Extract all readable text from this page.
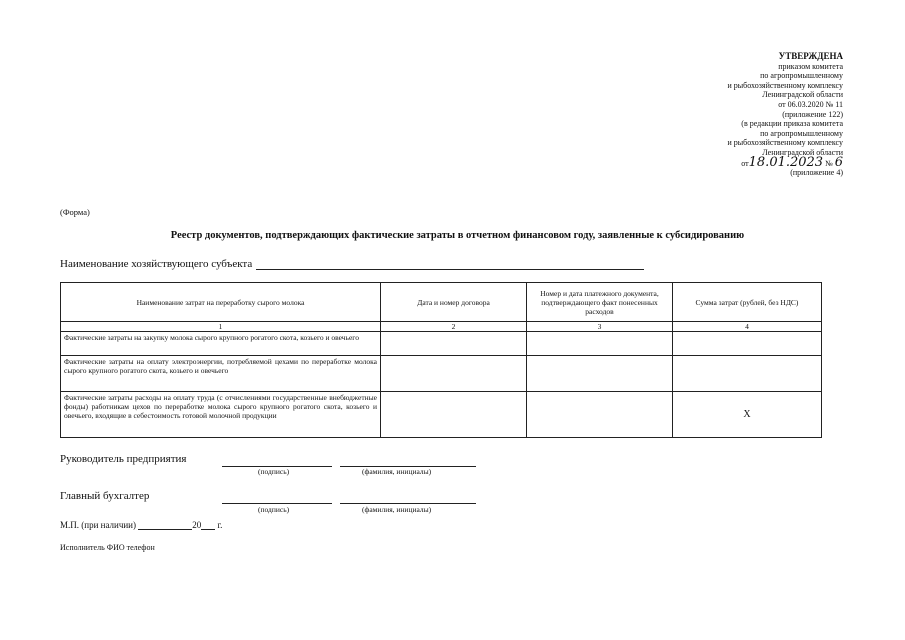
УТВЕРЖДЕНА
приказом комитета
по агропромышленному
и рыбохозяйственному комплексу
Ленинградской области
от 06.03.2020 № 11
(приложение 122)
(в редакции приказа комитета
по агропромышленному
и рыбохозяйственному комплексу
Ленинградской области
от18.01.2023 № 6
(приложение 4)
(Форма)
Реестр документов, подтверждающих фактические затраты в отчетном финансовом году, заявленные к субсидированию
Наименование хозяйствующего субъекта
Наименование затрат на переработку сырого молока	Дата и номер договора	Номер и дата платежного документа, подтверждающего факт понесенных расходов	Сумма затрат (рублей, без НДС)
1	2	3	4
Фактические затраты на закупку молока сырого крупного рогатого скота, козьего и овечьего			
Фактические затраты на оплату электроэнергии, потребляемой цехами по переработке молока сырого крупного рогатого скота, козьего и овечьего			
Фактические затраты расходы на оплату труда (с отчислениями государственные внебюджетные фонды) работникам цехов по переработке молока сырого крупного рогатого скота, козьего и овечьего, входящие в себестоимость готовой молочной продукции			X
Руководитель предприятия
(подпись)	(фамилия, инициалы)
Главный бухгалтер
(подпись)	(фамилия, инициалы)
М.П. (при наличии)	20 г.
Исполнитель ФИО телефон
